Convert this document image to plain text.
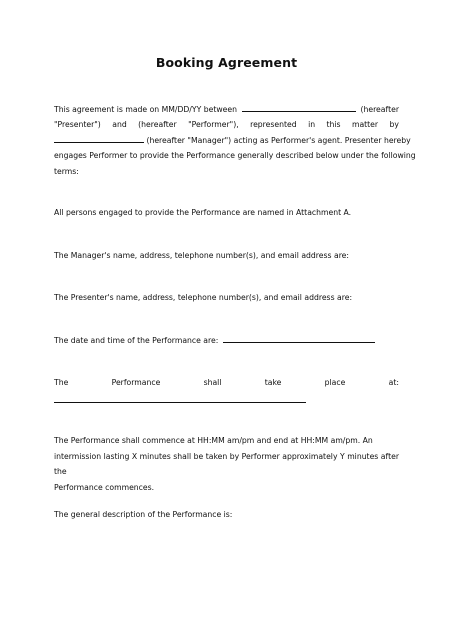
Booking Agreement
This agreement is made on MM/DD/YY between	(hereafter
"Presenter") and (hereafter "Performer"), represented in this matter by
(hereafter "Manager") acting as Performer's agent. Presenter hereby
engages Performer to provide the Performance generally described below under the following
terms:
All persons engaged to provide the Performance are named in Attachment A.
The Manager's name, address, telephone number(s), and email address are:
The Presenter's name, address, telephone number(s), and email address are:
The date and time of the Performance are:
The	Performance	shall	take	place	at:
The Performance shall commence at HH:MM am/pm and end at HH:MM am/pm. An
intermission lasting X minutes shall be taken by Performer approximately Y minutes after the
Performance commences.
The general description of the Performance is:
